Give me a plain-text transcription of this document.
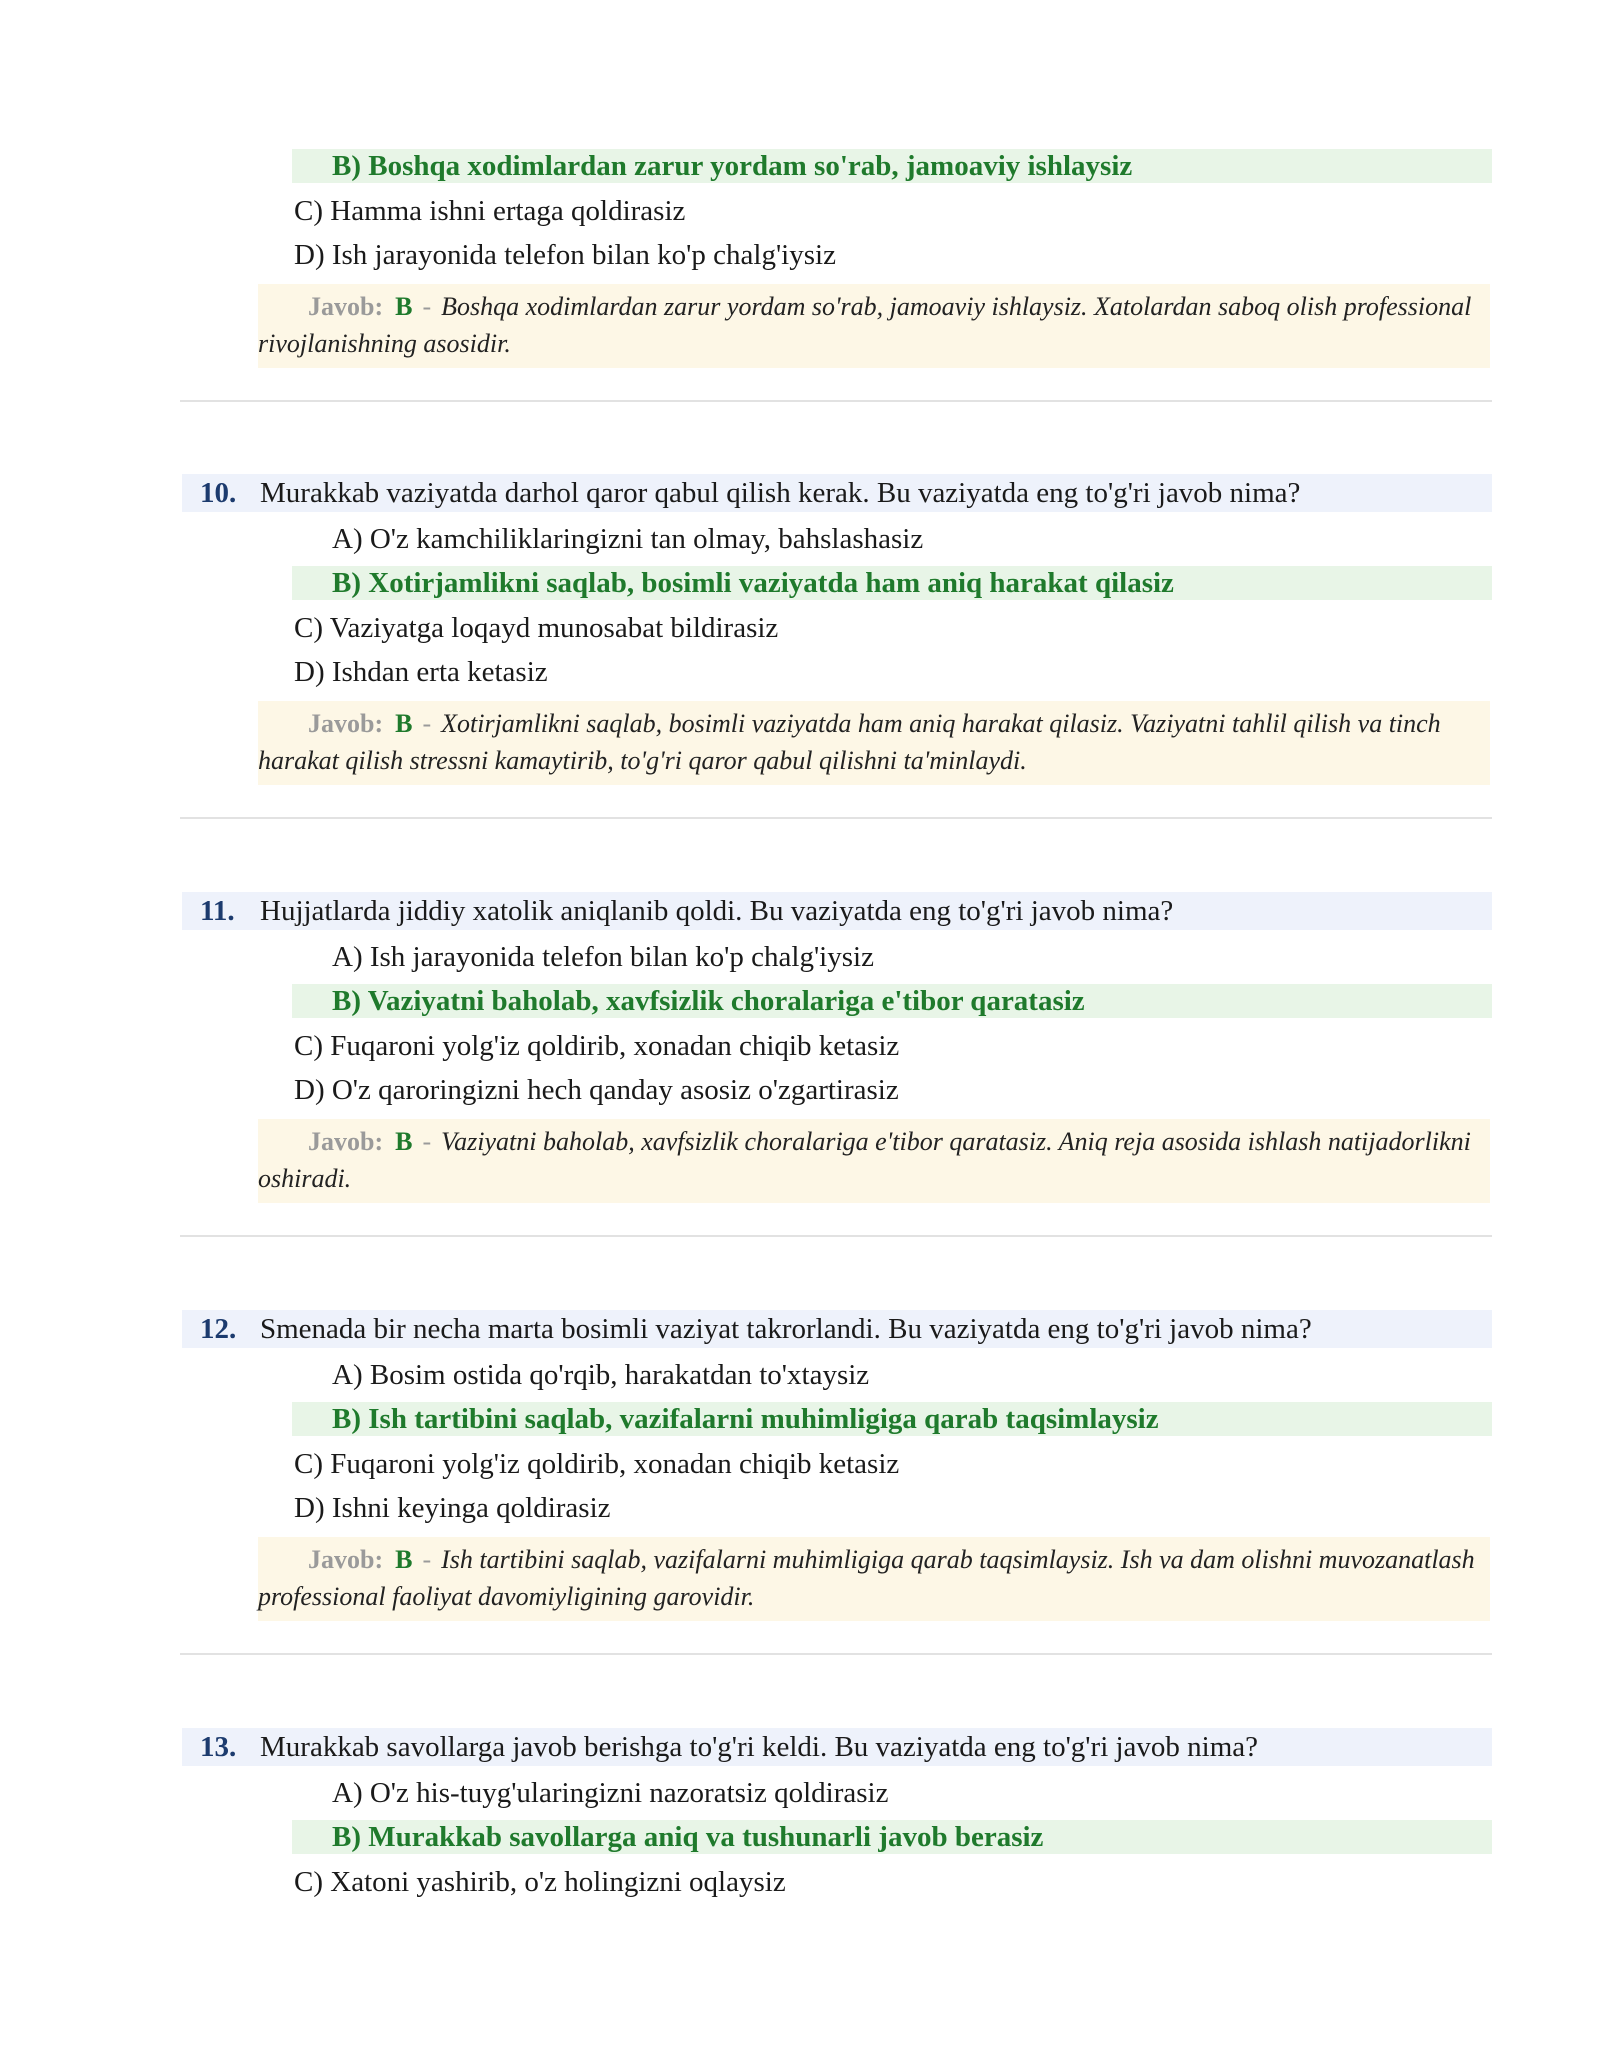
B) Boshqa xodimlardan zarur yordam so'rab, jamoaviy ishlaysiz
C) Hamma ishni ertaga qoldirasiz
D) Ish jarayonida telefon bilan ko'p chalg'iysiz
Javob: B - Boshqa xodimlardan zarur yordam so'rab, jamoaviy ishlaysiz. Xatolardan saboq olish professional rivojlanishning asosidir.
10. Murakkab vaziyatda darhol qaror qabul qilish kerak. Bu vaziyatda eng to'g'ri javob nima?
A) O'z kamchiliklaringizni tan olmay, bahslashasiz
B) Xotirjamlikni saqlab, bosimli vaziyatda ham aniq harakat qilasiz
C) Vaziyatga loqayd munosabat bildirasiz
D) Ishdan erta ketasiz
Javob: B - Xotirjamlikni saqlab, bosimli vaziyatda ham aniq harakat qilasiz. Vaziyatni tahlil qilish va tinch harakat qilish stressni kamaytirib, to'g'ri qaror qabul qilishni ta'minlaydi.
11. Hujjatlarda jiddiy xatolik aniqlanib qoldi. Bu vaziyatda eng to'g'ri javob nima?
A) Ish jarayonida telefon bilan ko'p chalg'iysiz
B) Vaziyatni baholab, xavfsizlik choralariga e'tibor qaratasiz
C) Fuqaroni yolg'iz qoldirib, xonadan chiqib ketasiz
D) O'z qaroringizni hech qanday asosiz o'zgartirasiz
Javob: B - Vaziyatni baholab, xavfsizlik choralariga e'tibor qaratasiz. Aniq reja asosida ishlash natijadorlikni oshiradi.
12. Smenada bir necha marta bosimli vaziyat takrorlandi. Bu vaziyatda eng to'g'ri javob nima?
A) Bosim ostida qo'rqib, harakatdan to'xtaysiz
B) Ish tartibini saqlab, vazifalarni muhimligiga qarab taqsimlaysiz
C) Fuqaroni yolg'iz qoldirib, xonadan chiqib ketasiz
D) Ishni keyinga qoldirasiz
Javob: B - Ish tartibini saqlab, vazifalarni muhimligiga qarab taqsimlaysiz. Ish va dam olishni muvozanatlash professional faoliyat davomiyligining garovidir.
13. Murakkab savollarga javob berishga to'g'ri keldi. Bu vaziyatda eng to'g'ri javob nima?
A) O'z his-tuyg'ularingizni nazoratsiz qoldirasiz
B) Murakkab savollarga aniq va tushunarli javob berasiz
C) Xatoni yashirib, o'z holingizni oqlaysiz
